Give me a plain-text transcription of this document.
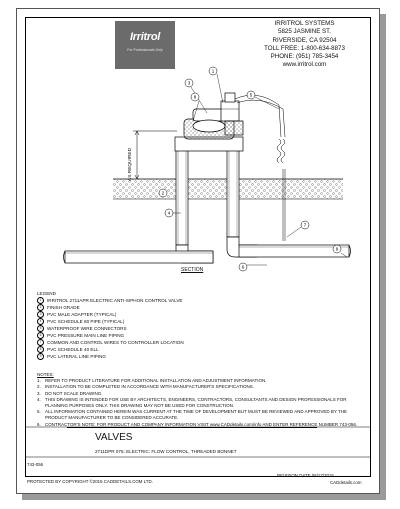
Irritrol
For Professionals Only
IRRITROL SYSTEMS
5825 JASMINE ST.
RIVERSIDE, CA 92504
TOLL FREE: 1-800-634-8873
PHONE: (951) 785-3454
www.irritrol.com
AS REQUIRED
1
2
3
4
5
6
7
8
9
SECTION
LEGEND
1	IRRITROL 2711APR ELECTRIC ANTI-SIPHON CONTROL VALVE
2	FINISH GRADE
3	PVC MALE ADAPTER (TYPICAL)
4	PVC SCHEDULE 80 PIPE (TYPICAL)
5	WATERPROOF WIRE CONNECTORS
6	PVC PRESSURE MAIN LINE PIPING
7	COMMON AND CONTROL WIRES TO CONTROLLER LOCATION
8	PVC SCHEDULE 40 ELL
9	PVC LATERAL LINE PIPING
NOTES:
1. REFER TO PRODUCT LITERATURE FOR ADDITIONAL INSTALLATION AND ADJUSTMENT INFORMATION.
2. INSTALLATION TO BE COMPLETED IN ACCORDANCE WITH MANUFACTURER'S SPECIFICATIONS.
3. DO NOT SCALE DRAWING.
4. THIS DRAWING IS INTENDED FOR USE BY ARCHITECTS, ENGINEERS, CONTRACTORS, CONSULTANTS AND DESIGN PROFESSIONALS FOR PLANNING PURPOSES ONLY. THIS DRAWING MAY NOT BE USED FOR CONSTRUCTION.
5. ALL INFORMATION CONTAINED HEREIN WAS CURRENT AT THE TIME OF DEVELOPMENT BUT MUST BE REVIEWED AND APPROVED BY THE PRODUCT MANUFACTURER TO BE CONSIDERED ACCURATE.
6. CONTRACTOR'S NOTE: FOR PRODUCT AND COMPANY INFORMATION VISIT www.CADdetails.com/info AND ENTER REFERENCE NUMBER 743-056.
VALVES
2711DPR 075: ELECTRIC: FLOW CONTROL, THREADED BONNET
743-056
PROTECTED BY COPYRIGHT ©2015 CADDETAILS.COM LTD.
REVISION DATE 06/17/2015
CADdetails.com
